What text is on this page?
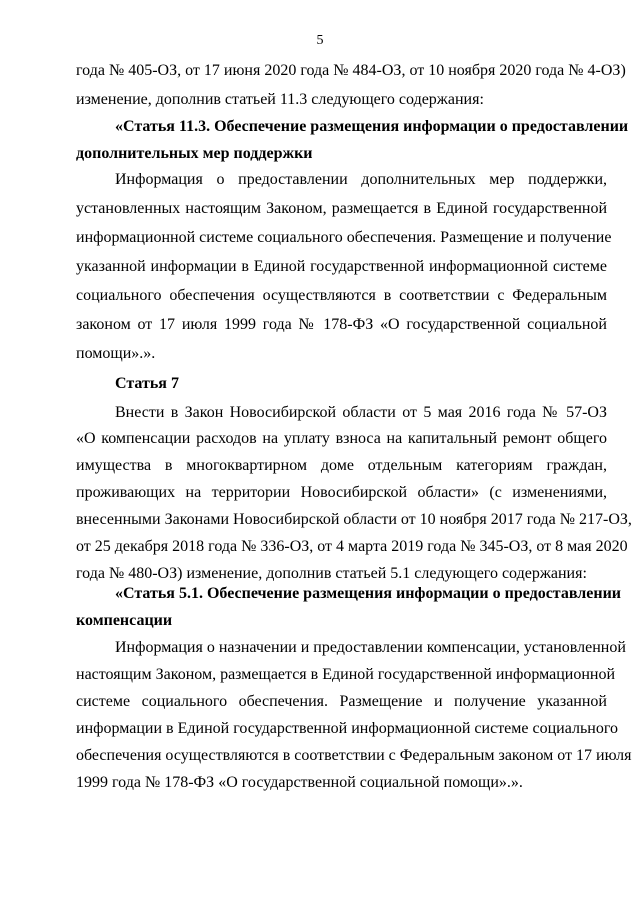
5
года № 405-ОЗ, от 17 июня 2020 года № 484-ОЗ, от 10 ноября 2020 года № 4-ОЗ)
изменение, дополнив статьей 11.3 следующего содержания:
«Статья 11.3. Обеспечение размещения информации о предоставлении
дополнительных мер поддержки
Информация о предоставлении дополнительных мер поддержки,
установленных настоящим Законом, размещается в Единой государственной
информационной системе социального обеспечения. Размещение и получение
указанной информации в Единой государственной информационной системе
социального обеспечения осуществляются в соответствии с Федеральным
законом от 17 июля 1999 года № 178-ФЗ «О государственной социальной
помощи».».
Статья 7
Внести в Закон Новосибирской области от 5 мая 2016 года № 57-ОЗ
«О компенсации расходов на уплату взноса на капитальный ремонт общего
имущества в многоквартирном доме отдельным категориям граждан,
проживающих на территории Новосибирской области» (с изменениями,
внесенными Законами Новосибирской области от 10 ноября 2017 года № 217-ОЗ,
от 25 декабря 2018 года № 336-ОЗ, от 4 марта 2019 года № 345-ОЗ, от 8 мая 2020
года № 480-ОЗ) изменение, дополнив статьей 5.1 следующего содержания:
«Статья 5.1. Обеспечение размещения информации о предоставлении
компенсации
Информация о назначении и предоставлении компенсации, установленной
настоящим Законом, размещается в Единой государственной информационной
системе социального обеспечения. Размещение и получение указанной
информации в Единой государственной информационной системе социального
обеспечения осуществляются в соответствии с Федеральным законом от 17 июля
1999 года № 178-ФЗ «О государственной социальной помощи».».
